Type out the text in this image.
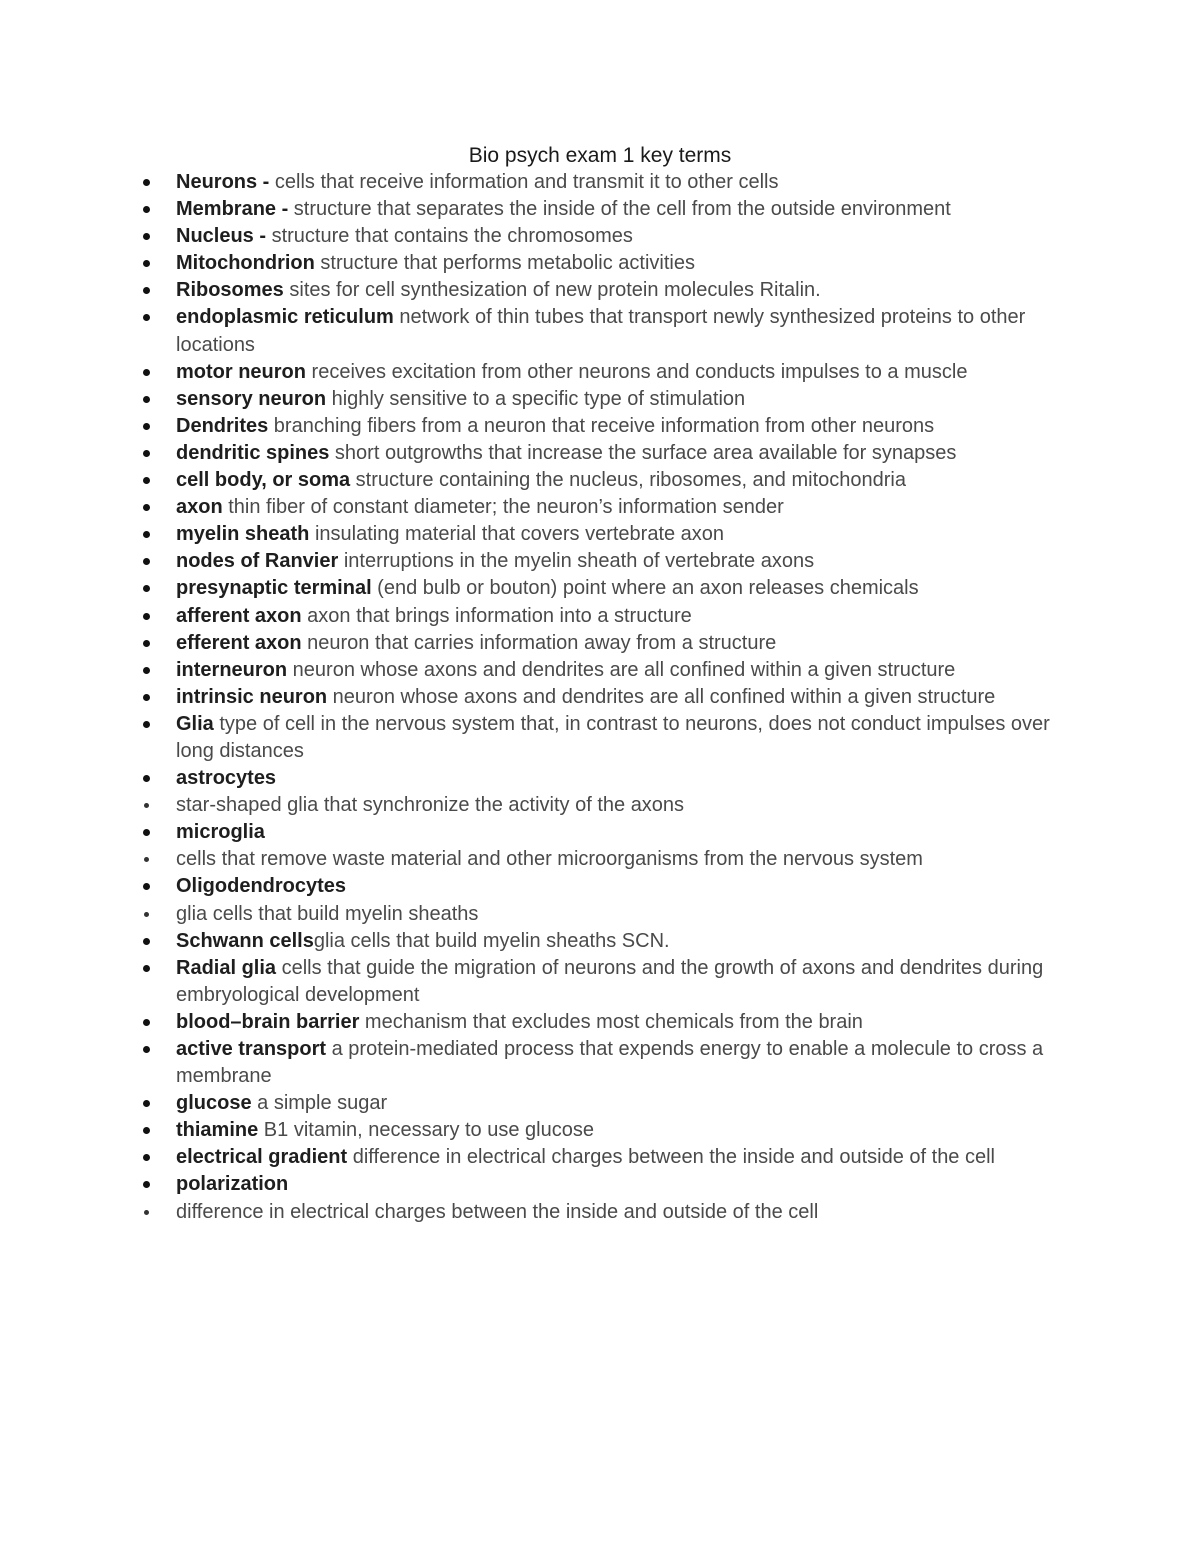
Bio psych exam 1 key terms
Neurons - cells that receive information and transmit it to other cells
Membrane - structure that separates the inside of the cell from the outside environment
Nucleus - structure that contains the chromosomes
Mitochondrion structure that performs metabolic activities
Ribosomes sites for cell synthesization of new protein molecules Ritalin.
endoplasmic reticulum network of thin tubes that transport newly synthesized proteins to other locations
motor neuron receives excitation from other neurons and conducts impulses to a muscle
sensory neuron highly sensitive to a specific type of stimulation
Dendrites branching fibers from a neuron that receive information from other neurons
dendritic spines short outgrowths that increase the surface area available for synapses
cell body, or soma structure containing the nucleus, ribosomes, and mitochondria
axon thin fiber of constant diameter; the neuron’s information sender
myelin sheath insulating material that covers vertebrate axon
nodes of Ranvier interruptions in the myelin sheath of vertebrate axons
presynaptic terminal (end bulb or bouton) point where an axon releases chemicals
afferent axon axon that brings information into a structure
efferent axon neuron that carries information away from a structure
interneuron neuron whose axons and dendrites are all confined within a given structure
intrinsic neuron neuron whose axons and dendrites are all confined within a given structure
Glia type of cell in the nervous system that, in contrast to neurons, does not conduct impulses over long distances
astrocytes
star-shaped glia that synchronize the activity of the axons
microglia
cells that remove waste material and other microorganisms from the nervous system
Oligodendrocytes
glia cells that build myelin sheaths
Schwann cellsglia cells that build myelin sheaths SCN.
Radial glia cells that guide the migration of neurons and the growth of axons and dendrites during embryological development
blood–brain barrier mechanism that excludes most chemicals from the brain
active transport a protein-mediated process that expends energy to enable a molecule to cross a membrane
glucose a simple sugar
thiamine B1 vitamin, necessary to use glucose
electrical gradient difference in electrical charges between the inside and outside of the cell
polarization
difference in electrical charges between the inside and outside of the cell
